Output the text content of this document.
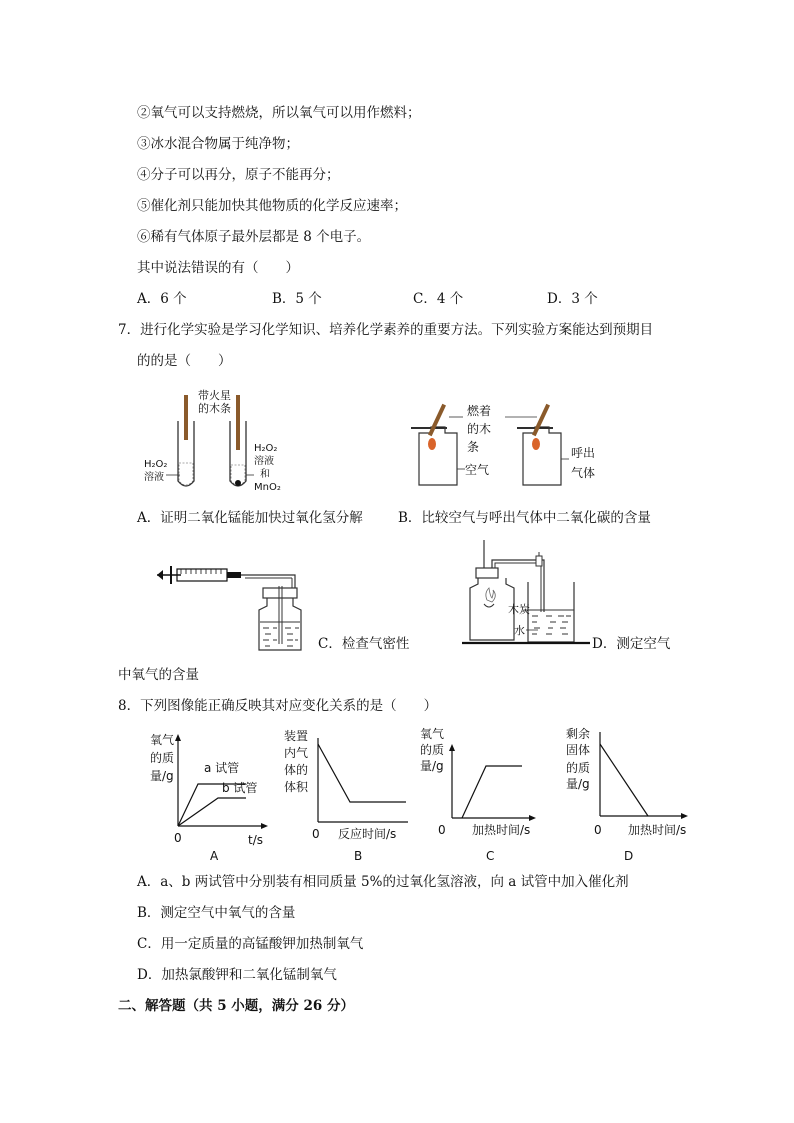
②氧气可以支持燃烧，所以氧气可以用作燃料；
③冰水混合物属于纯净物；
④分子可以再分，原子不能再分；
⑤催化剂只能加快其他物质的化学反应速率；
⑥稀有气体原子最外层都是 8 个电子。
其中说法错误的有（　　）
A．6 个	B．5 个	C．4 个	D．3 个
7．进行化学实验是学习化学知识、培养化学素养的重要方法。下列实验方案能达到预期目
的的是（　　）
带火星
的木条
H₂O₂
溶液
H₂O₂
溶液
和
MnO₂
燃着
的木
条
空气
呼出
气体
A．证明二氧化锰能加快过氧化氢分解	B．比较空气与呼出气体中二氧化碳的含量
C．检查气密性
木炭
水
D．测定空气
中氧气的含量
8．下列图像能正确反映其对应变化关系的是（　　）
氧气
的质
量/g
a 试管
b 试管
0	t/s
A
装置
内气
体的
体积
0 反应时间/s
B
氧气
的质
量/g
0 加热时间/s
C
剩余
固体
的质
量/g
0 加热时间/s
D
A．a、b 两试管中分别装有相同质量 5%的过氧化氢溶液，向 a 试管中加入催化剂
B．测定空气中氧气的含量
C．用一定质量的高锰酸钾加热制氧气
D．加热氯酸钾和二氧化锰制氧气
二、解答题（共 5 小题，满分 26 分）
